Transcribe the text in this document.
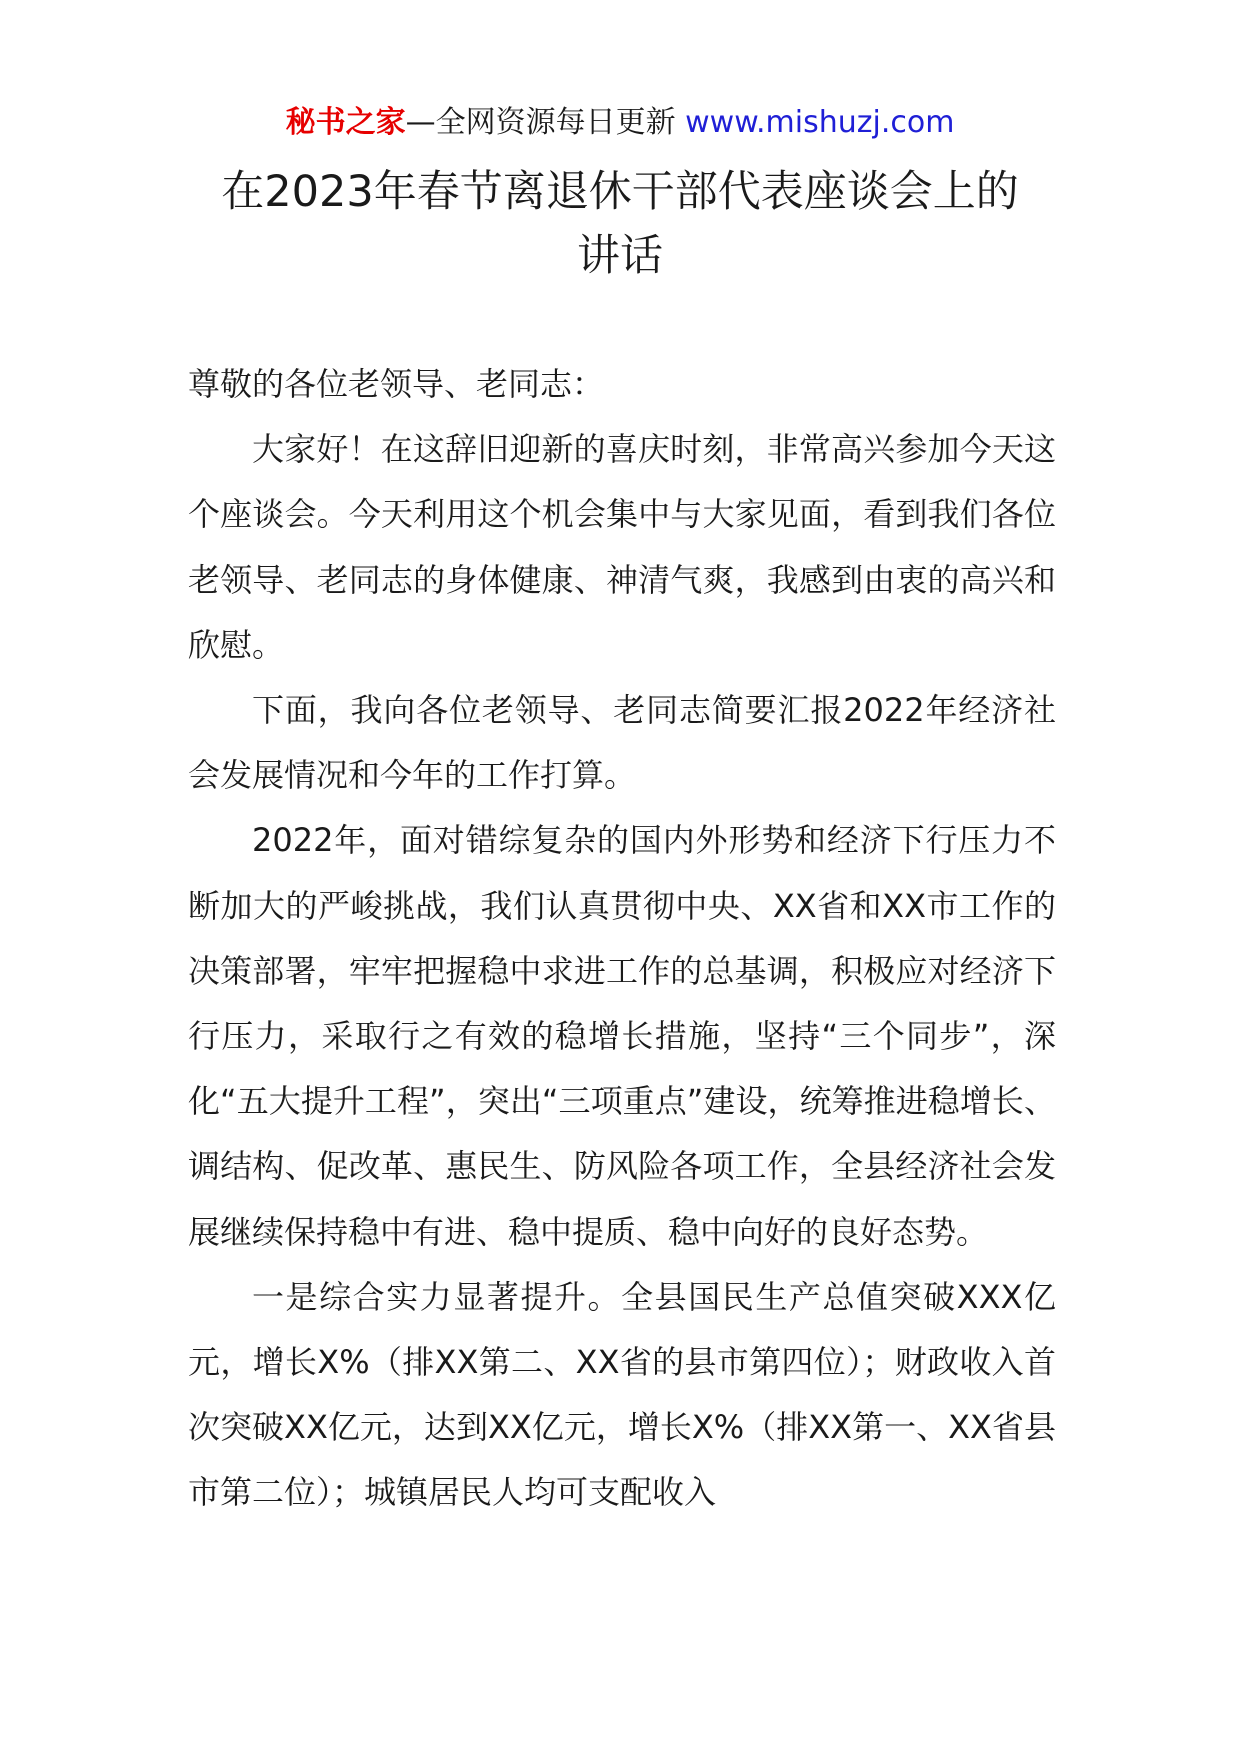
秘书之家—全网资源每日更新 www.mishuzj.com
在2023年春节离退休干部代表座谈会上的
讲话

尊敬的各位老领导、老同志：

大家好！在这辞旧迎新的喜庆时刻，非常高兴参加今天这个座谈会。今天利用这个机会集中与大家见面，看到我们各位老领导、老同志的身体健康、神清气爽，我感到由衷的高兴和欣慰。

下面，我向各位老领导、老同志简要汇报2022年经济社会发展情况和今年的工作打算。

2022年，面对错综复杂的国内外形势和经济下行压力不断加大的严峻挑战，我们认真贯彻中央、XX省和XX市工作的决策部署，牢牢把握稳中求进工作的总基调，积极应对经济下行压力，采取行之有效的稳增长措施，坚持“三个同步”，深化“五大提升工程”，突出“三项重点”建设，统筹推进稳增长、调结构、促改革、惠民生、防风险各项工作，全县经济社会发展继续保持稳中有进、稳中提质、稳中向好的良好态势。

一是综合实力显著提升。全县国民生产总值突破XXX亿元，增长X%（排XX第二、XX省的县市第四位）；财政收入首次突破XX亿元，达到XX亿元，增长X%（排XX第一、XX省县市第二位）；城镇居民人均可支配收入
